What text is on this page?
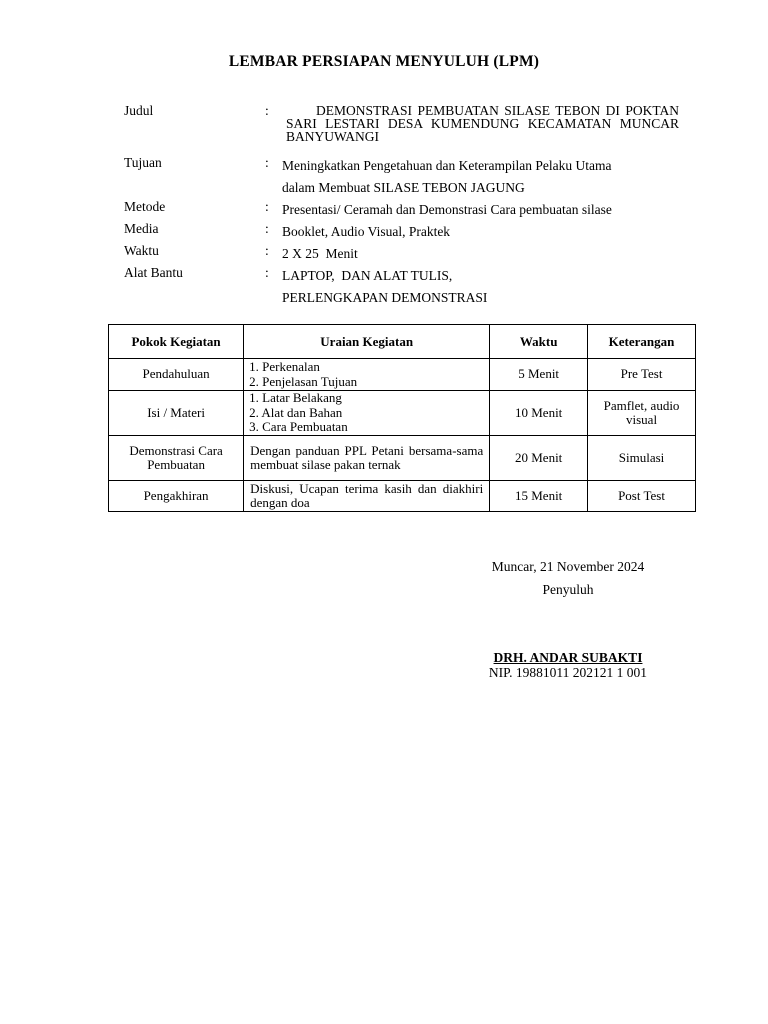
LEMBAR PERSIAPAN MENYULUH (LPM)
Judul	:	DEMONSTRASI PEMBUATAN SILASE TEBON DI POKTAN SARI LESTARI DESA KUMENDUNG KECAMATAN MUNCAR BANYUWANGI
Tujuan	: Meningkatkan Pengetahuan dan Keterampilan Pelaku Utama
dalam Membuat SILASE TEBON JAGUNG
Metode	: Presentasi/ Ceramah dan Demonstrasi Cara pembuatan silase
Media	: Booklet, Audio Visual, Praktek
Waktu	: 2 X 25  Menit
Alat Bantu	: LAPTOP,  DAN ALAT TULIS,
PERLENGKAPAN DEMONSTRASI
Pokok Kegiatan	Uraian Kegiatan	Waktu	Keterangan
Pendahuluan	1. Perkenalan
2. Penjelasan Tujuan	5 Menit	Pre Test
Isi / Materi	1. Latar Belakang
2. Alat dan Bahan
3. Cara Pembuatan	10 Menit	Pamflet, audio visual
Demonstrasi Cara Pembuatan	Dengan panduan PPL Petani bersama-sama membuat silase pakan ternak	20 Menit	Simulasi
Pengakhiran	Diskusi, Ucapan terima kasih dan diakhiri dengan doa	15 Menit	Post Test
Muncar, 21 November 2024
Penyuluh
DRH. ANDAR SUBAKTI
NIP. 19881011 202121 1 001
